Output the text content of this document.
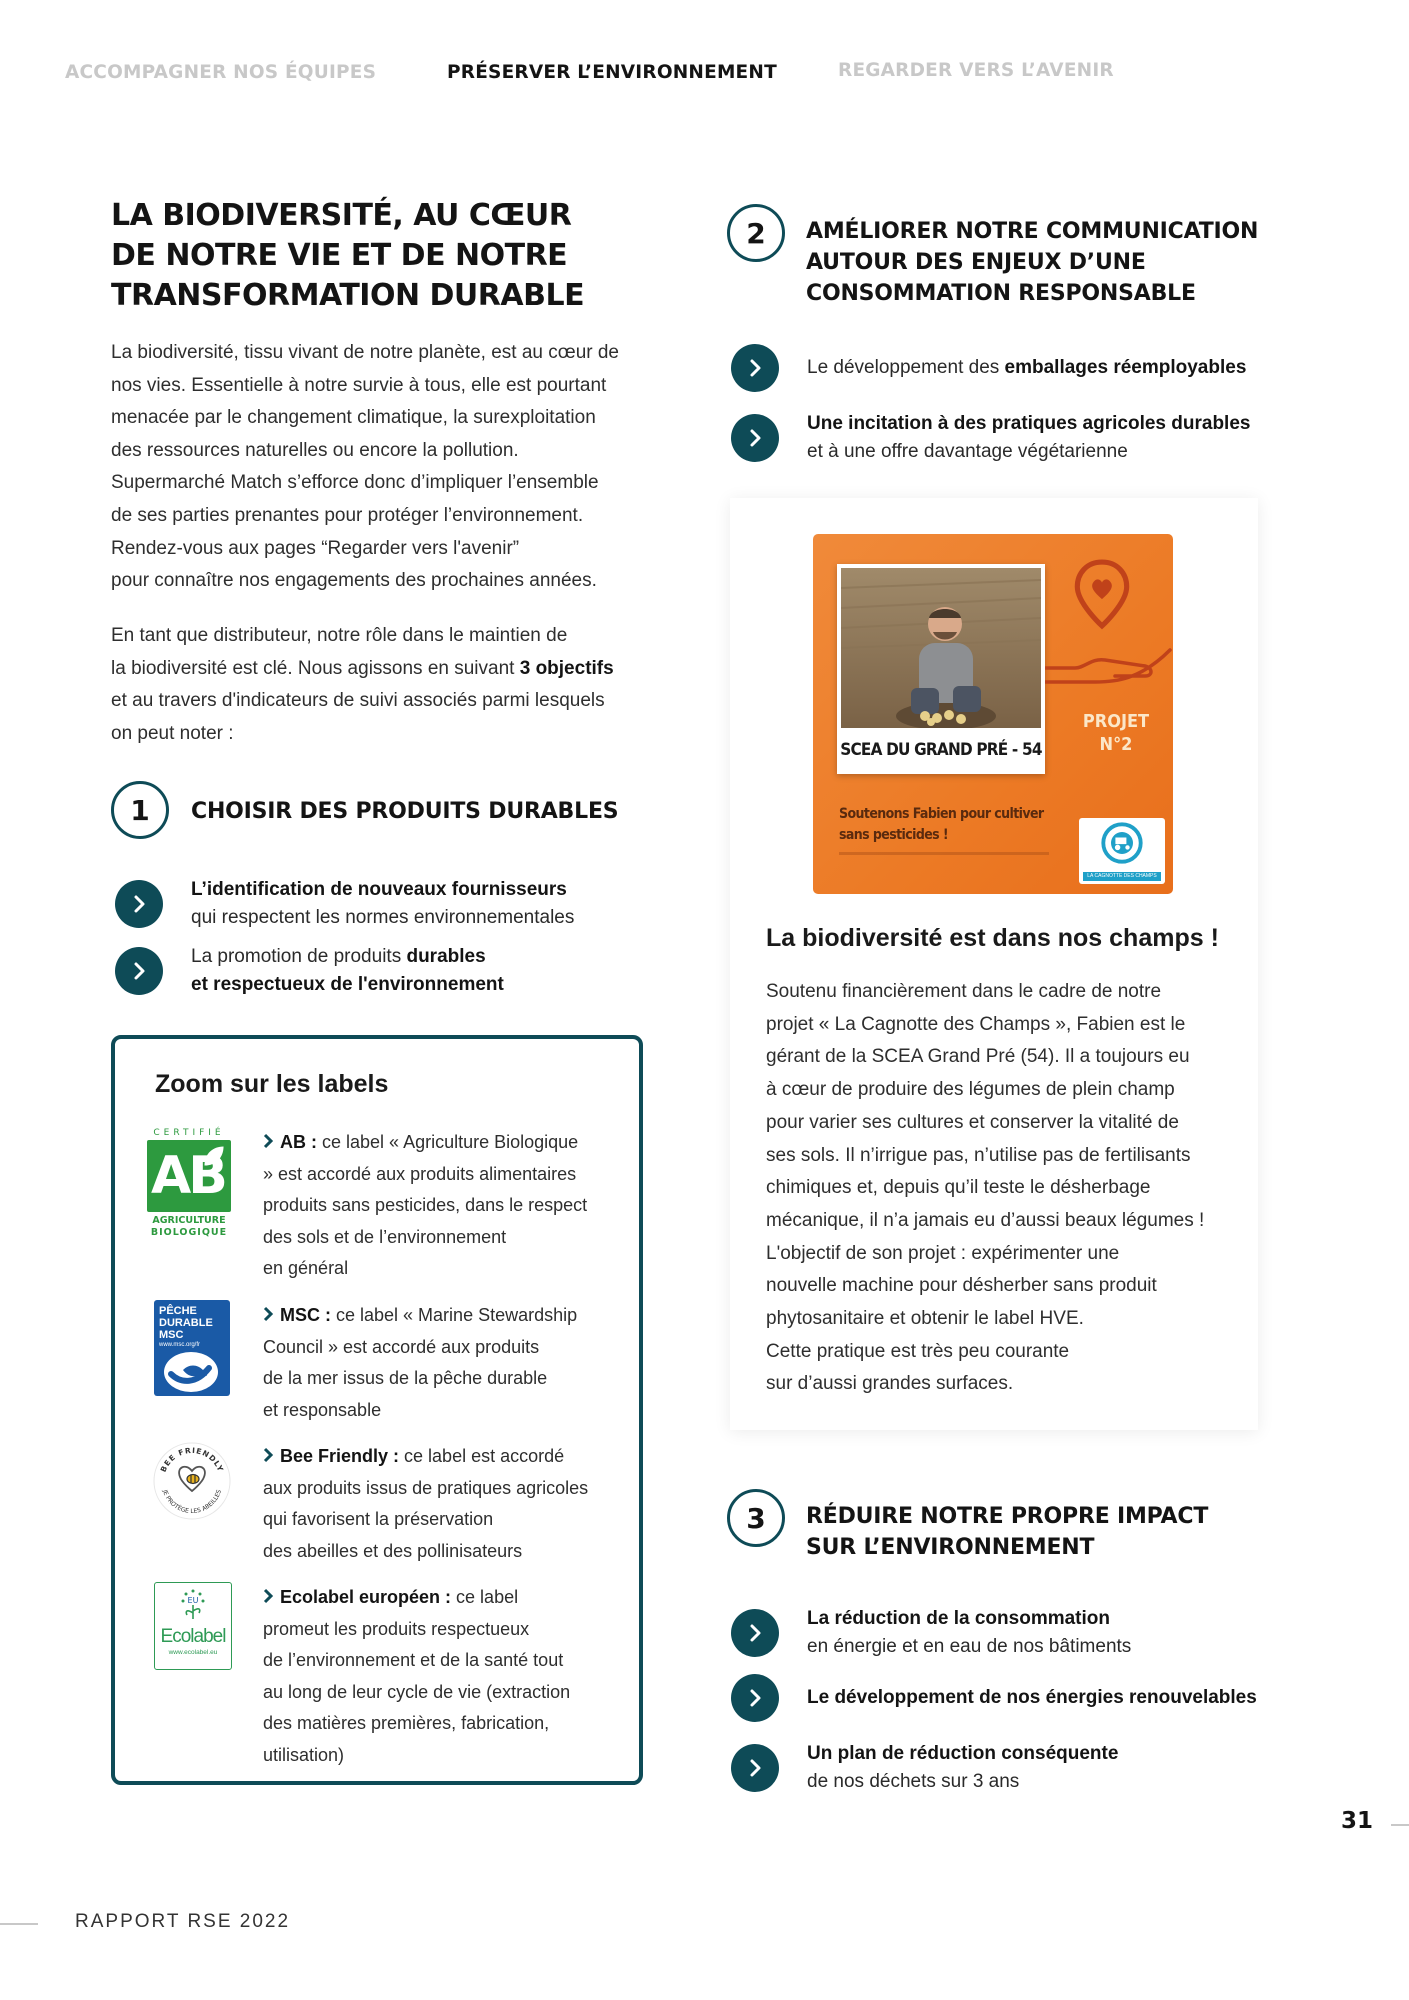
ACCOMPAGNER NOS ÉQUIPES	PRÉSERVER L’ENVIRONNEMENT	REGARDER VERS L’AVENIR
LA BIODIVERSITÉ, AU CŒUR
DE NOTRE VIE ET DE NOTRE
TRANSFORMATION DURABLE
La biodiversité, tissu vivant de notre planète, est au cœur de
nos vies. Essentielle à notre survie à tous, elle est pourtant
menacée par le changement climatique, la surexploitation
des ressources naturelles ou encore la pollution.
Supermarché Match s’efforce donc d’impliquer l’ensemble
de ses parties prenantes pour protéger l’environnement.
Rendez-vous aux pages “Regarder vers l'avenir”
pour connaître nos engagements des prochaines années.
En tant que distributeur, notre rôle dans le maintien de
la biodiversité est clé. Nous agissons en suivant 3 objectifs
et au travers d'indicateurs de suivi associés parmi lesquels
on peut noter :
1	CHOISIR DES PRODUITS DURABLES
L’identification de nouveaux fournisseurs
qui respectent les normes environnementales
La promotion de produits durables
et respectueux de l'environnement
Zoom sur les labels
CERTIFIÉ
AB
AGRICULTURE
BIOLOGIQUE
AB : ce label « Agriculture Biologique
» est accordé aux produits alimentaires
produits sans pesticides, dans le respect
des sols et de l’environnement
en général
PÊCHE
DURABLE
MSC
www.msc.org/fr
MSC : ce label « Marine Stewardship
Council » est accordé aux produits
de la mer issus de la pêche durable
et responsable
BEE FRIENDLY
JE PROTÈGE LES ABEILLES
Bee Friendly : ce label est accordé
aux produits issus de pratiques agricoles
qui favorisent la préservation
des abeilles et des pollinisateurs
EU
Ecolabel
www.ecolabel.eu
Ecolabel européen : ce label
promeut les produits respectueux
de l’environnement et de la santé tout
au long de leur cycle de vie (extraction
des matières premières, fabrication,
utilisation)
2	AMÉLIORER NOTRE COMMUNICATION
AUTOUR DES ENJEUX D’UNE
CONSOMMATION RESPONSABLE
Le développement des emballages réemployables
Une incitation à des pratiques agricoles durables
et à une offre davantage végétarienne
SCEA DU GRAND PRÉ - 54
PROJET
N°2
Soutenons Fabien pour cultiver
sans pesticides !
LA CAGNOTTE DES CHAMPS
La biodiversité est dans nos champs !
Soutenu financièrement dans le cadre de notre
projet « La Cagnotte des Champs », Fabien est le
gérant de la SCEA Grand Pré (54). Il a toujours eu
à cœur de produire des légumes de plein champ
pour varier ses cultures et conserver la vitalité de
ses sols. Il n’irrigue pas, n’utilise pas de fertilisants
chimiques et, depuis qu’il teste le désherbage
mécanique, il n’a jamais eu d’aussi beaux légumes !
L'objectif de son projet : expérimenter une
nouvelle machine pour désherber sans produit
phytosanitaire et obtenir le label HVE.
Cette pratique est très peu courante
sur d’aussi grandes surfaces.
3	RÉDUIRE NOTRE PROPRE IMPACT
SUR L’ENVIRONNEMENT
La réduction de la consommation
en énergie et en eau de nos bâtiments
Le développement de nos énergies renouvelables
Un plan de réduction conséquente
de nos déchets sur 3 ans
31
RAPPORT RSE 2022
